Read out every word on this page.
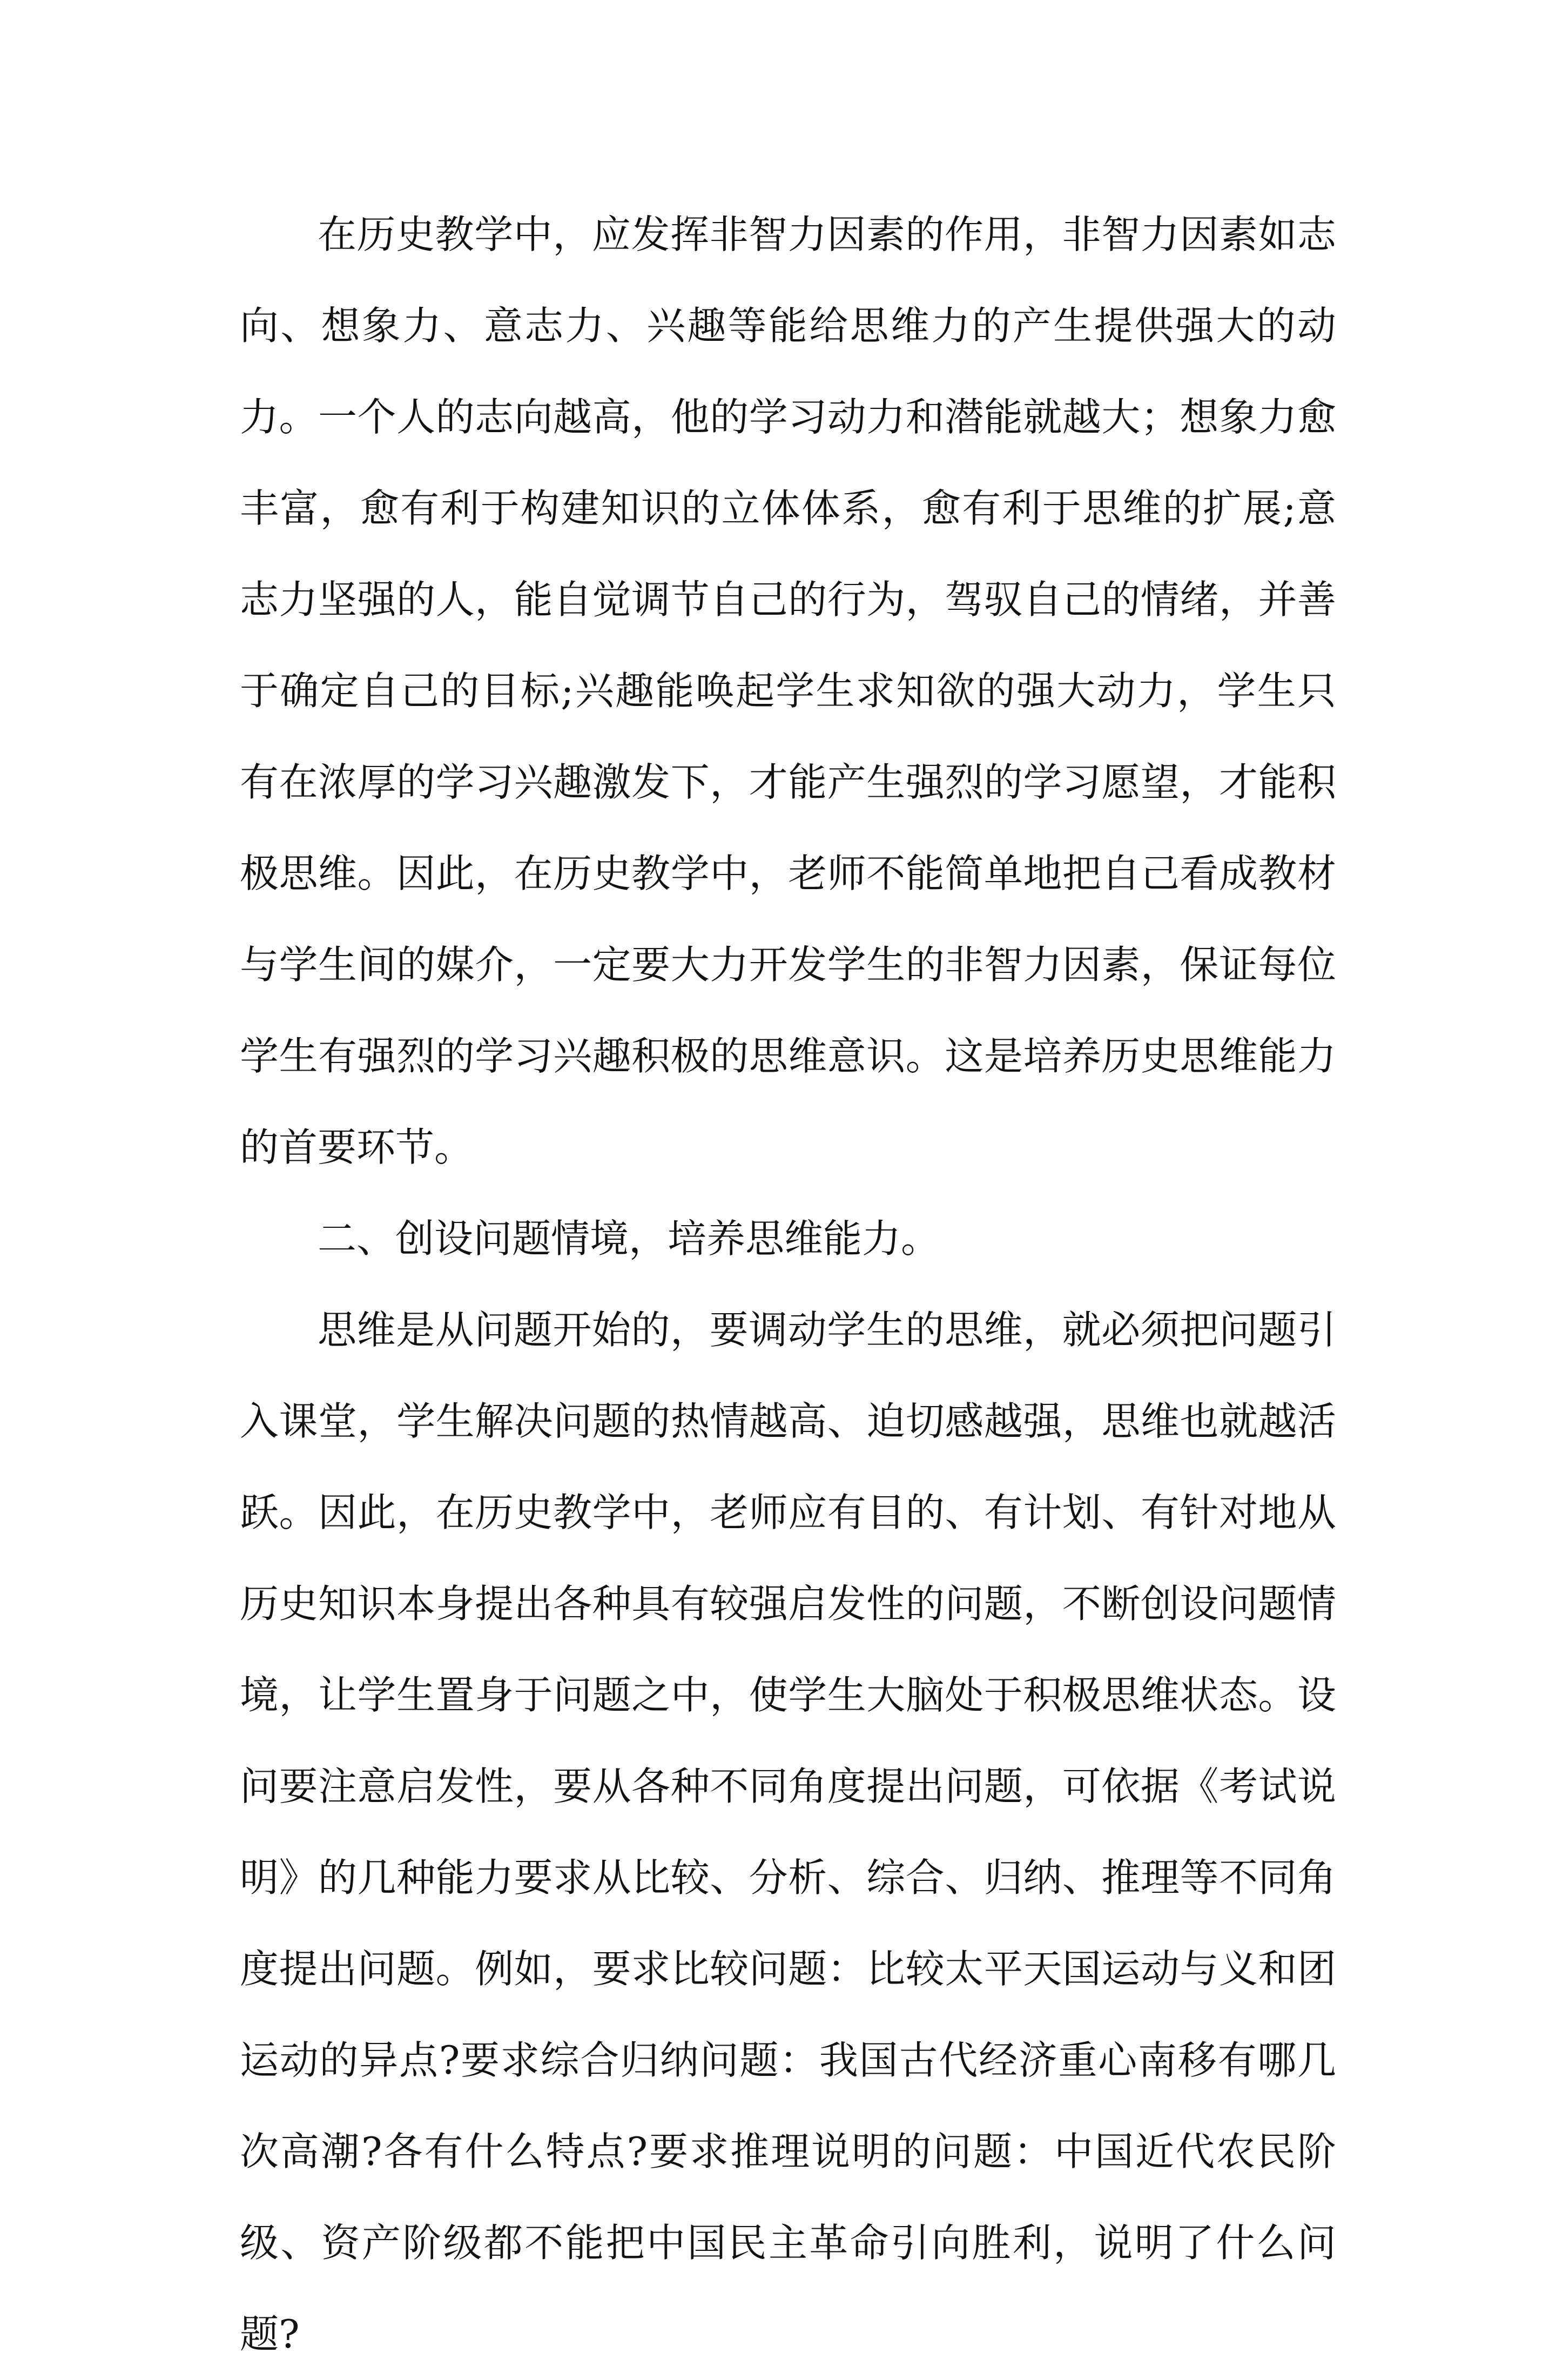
在历史教学中，应发挥非智力因素的作用，非智力因素如志向、想象力、意志力、兴趣等能给思维力的产生提供强大的动力。一个人的志向越高，他的学习动力和潜能就越大；想象力愈丰富，愈有利于构建知识的立体体系，愈有利于思维的扩展;意志力坚强的人，能自觉调节自己的行为，驾驭自己的情绪，并善于确定自己的目标;兴趣能唤起学生求知欲的强大动力，学生只有在浓厚的学习兴趣激发下，才能产生强烈的学习愿望，才能积极思维。因此，在历史教学中，老师不能简单地把自己看成教材与学生间的媒介，一定要大力开发学生的非智力因素，保证每位学生有强烈的学习兴趣积极的思维意识。这是培养历史思维能力的首要环节。

二、创设问题情境，培养思维能力。

思维是从问题开始的，要调动学生的思维，就必须把问题引入课堂，学生解决问题的热情越高、迫切感越强，思维也就越活跃。因此，在历史教学中，老师应有目的、有计划、有针对地从历史知识本身提出各种具有较强启发性的问题，不断创设问题情境，让学生置身于问题之中，使学生大脑处于积极思维状态。设问要注意启发性，要从各种不同角度提出问题，可依据《考试说明》的几种能力要求从比较、分析、综合、归纳、推理等不同角度提出问题。例如，要求比较问题：比较太平天国运动与义和团运动的异点?要求综合归纳问题：我国古代经济重心南移有哪几次高潮?各有什么特点?要求推理说明的问题：中国近代农民阶级、资产阶级都不能把中国民主革命引向胜利，说明了什么问题?
